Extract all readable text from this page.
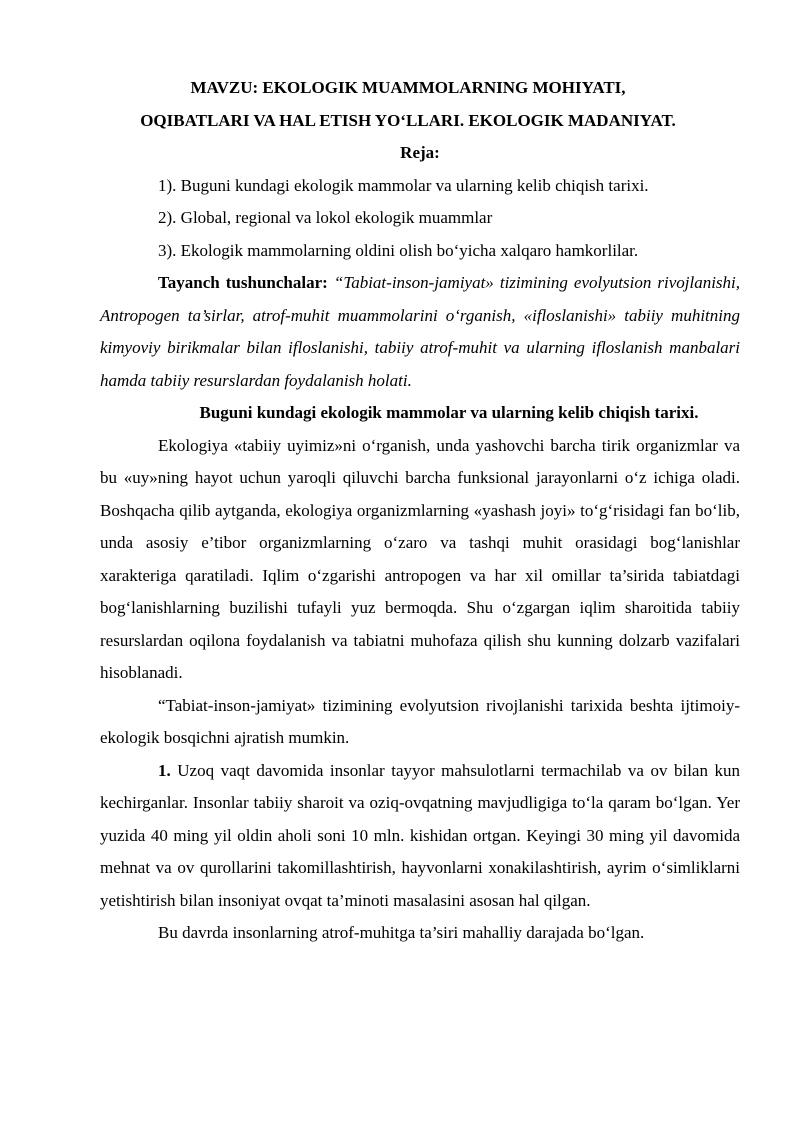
MAVZU: EKOLOGIK MUAMMOLARNING MOHIYATI,
OQIBATLARI VA HAL ETISH YO‘LLARI. EKOLOGIK MADANIYAT.
Reja:
1). Buguni kundagi ekologik mammolar va ularning kelib chiqish tarixi.
2). Global, regional va lokol ekologik muammlar
3). Ekologik mammolarning oldini olish bo‘yicha xalqaro hamkorlilar.

Tayanch tushunchalar: “Tabiat-inson-jamiyat» tizimining evolyutsion rivojlanishi, Antropogen ta’sirlar, atrof-muhit muammolarini o‘rganish, «ifloslanishi» tabiiy muhitning kimyoviy birikmalar bilan ifloslanishi, tabiiy atrof-muhit va ularning ifloslanish manbalari hamda tabiiy resurslardan foydalanish holati.

Buguni kundagi ekologik mammolar va ularning kelib chiqish tarixi.

Ekologiya «tabiiy uyimiz»ni o‘rganish, unda yashovchi barcha tirik organizmlar va bu «uy»ning hayot uchun yaroqli qiluvchi barcha funksional jarayonlarni o‘z ichiga oladi. Boshqacha qilib aytganda, ekologiya organizmlarning «yashash joyi» to‘g‘risidagi fan bo‘lib, unda asosiy e’tibor organizmlarning o‘zaro va tashqi muhit orasidagi bog‘lanishlar xarakteriga qaratiladi. Iqlim o‘zgarishi antropogen va har xil omillar ta’sirida tabiatdagi bog‘lanishlarning buzilishi tufayli yuz bermoqda. Shu o‘zgargan iqlim sharoitida tabiiy resurslardan oqilona foydalanish va tabiatni muhofaza qilish shu kunning dolzarb vazifalari hisoblanadi.

“Tabiat-inson-jamiyat» tizimining evolyutsion rivojlanishi tarixida beshta ijtimoiy-ekologik bosqichni ajratish mumkin.

1. Uzoq vaqt davomida insonlar tayyor mahsulotlarni termachilab va ov bilan kun kechirganlar. Insonlar tabiiy sharoit va oziq-ovqatning mavjudligiga to‘la qaram bo‘lgan. Yer yuzida 40 ming yil oldin aholi soni 10 mln. kishidan ortgan. Keyingi 30 ming yil davomida mehnat va ov qurollarini takomillashtirish, hayvonlarni xonakilashtirish, ayrim o‘simliklarni yetishtirish bilan insoniyat ovqat ta’minoti masalasini asosan hal qilgan.

Bu davrda insonlarning atrof-muhitga ta’siri mahalliy darajada bo‘lgan.
